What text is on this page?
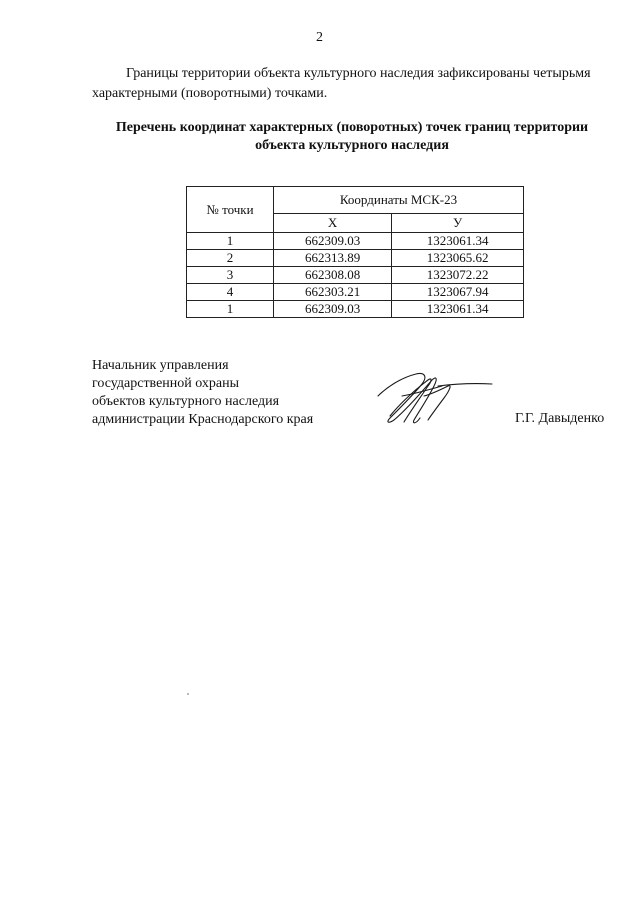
2
Границы территории объекта культурного наследия зафиксированы четырьмя
характерными (поворотными) точками.
Перечень координат характерных (поворотных) точек границ территории
объекта культурного наследия
№ точки	Координаты МСК-23	
	Х	У
1	662309.03	1323061.34
2	662313.89	1323065.62
3	662308.08	1323072.22
4	662303.21	1323067.94
1	662309.03	1323061.34
Начальник управления
государственной охраны
объектов культурного наследия
администрации Краснодарского края	Г.Г. Давыденко
